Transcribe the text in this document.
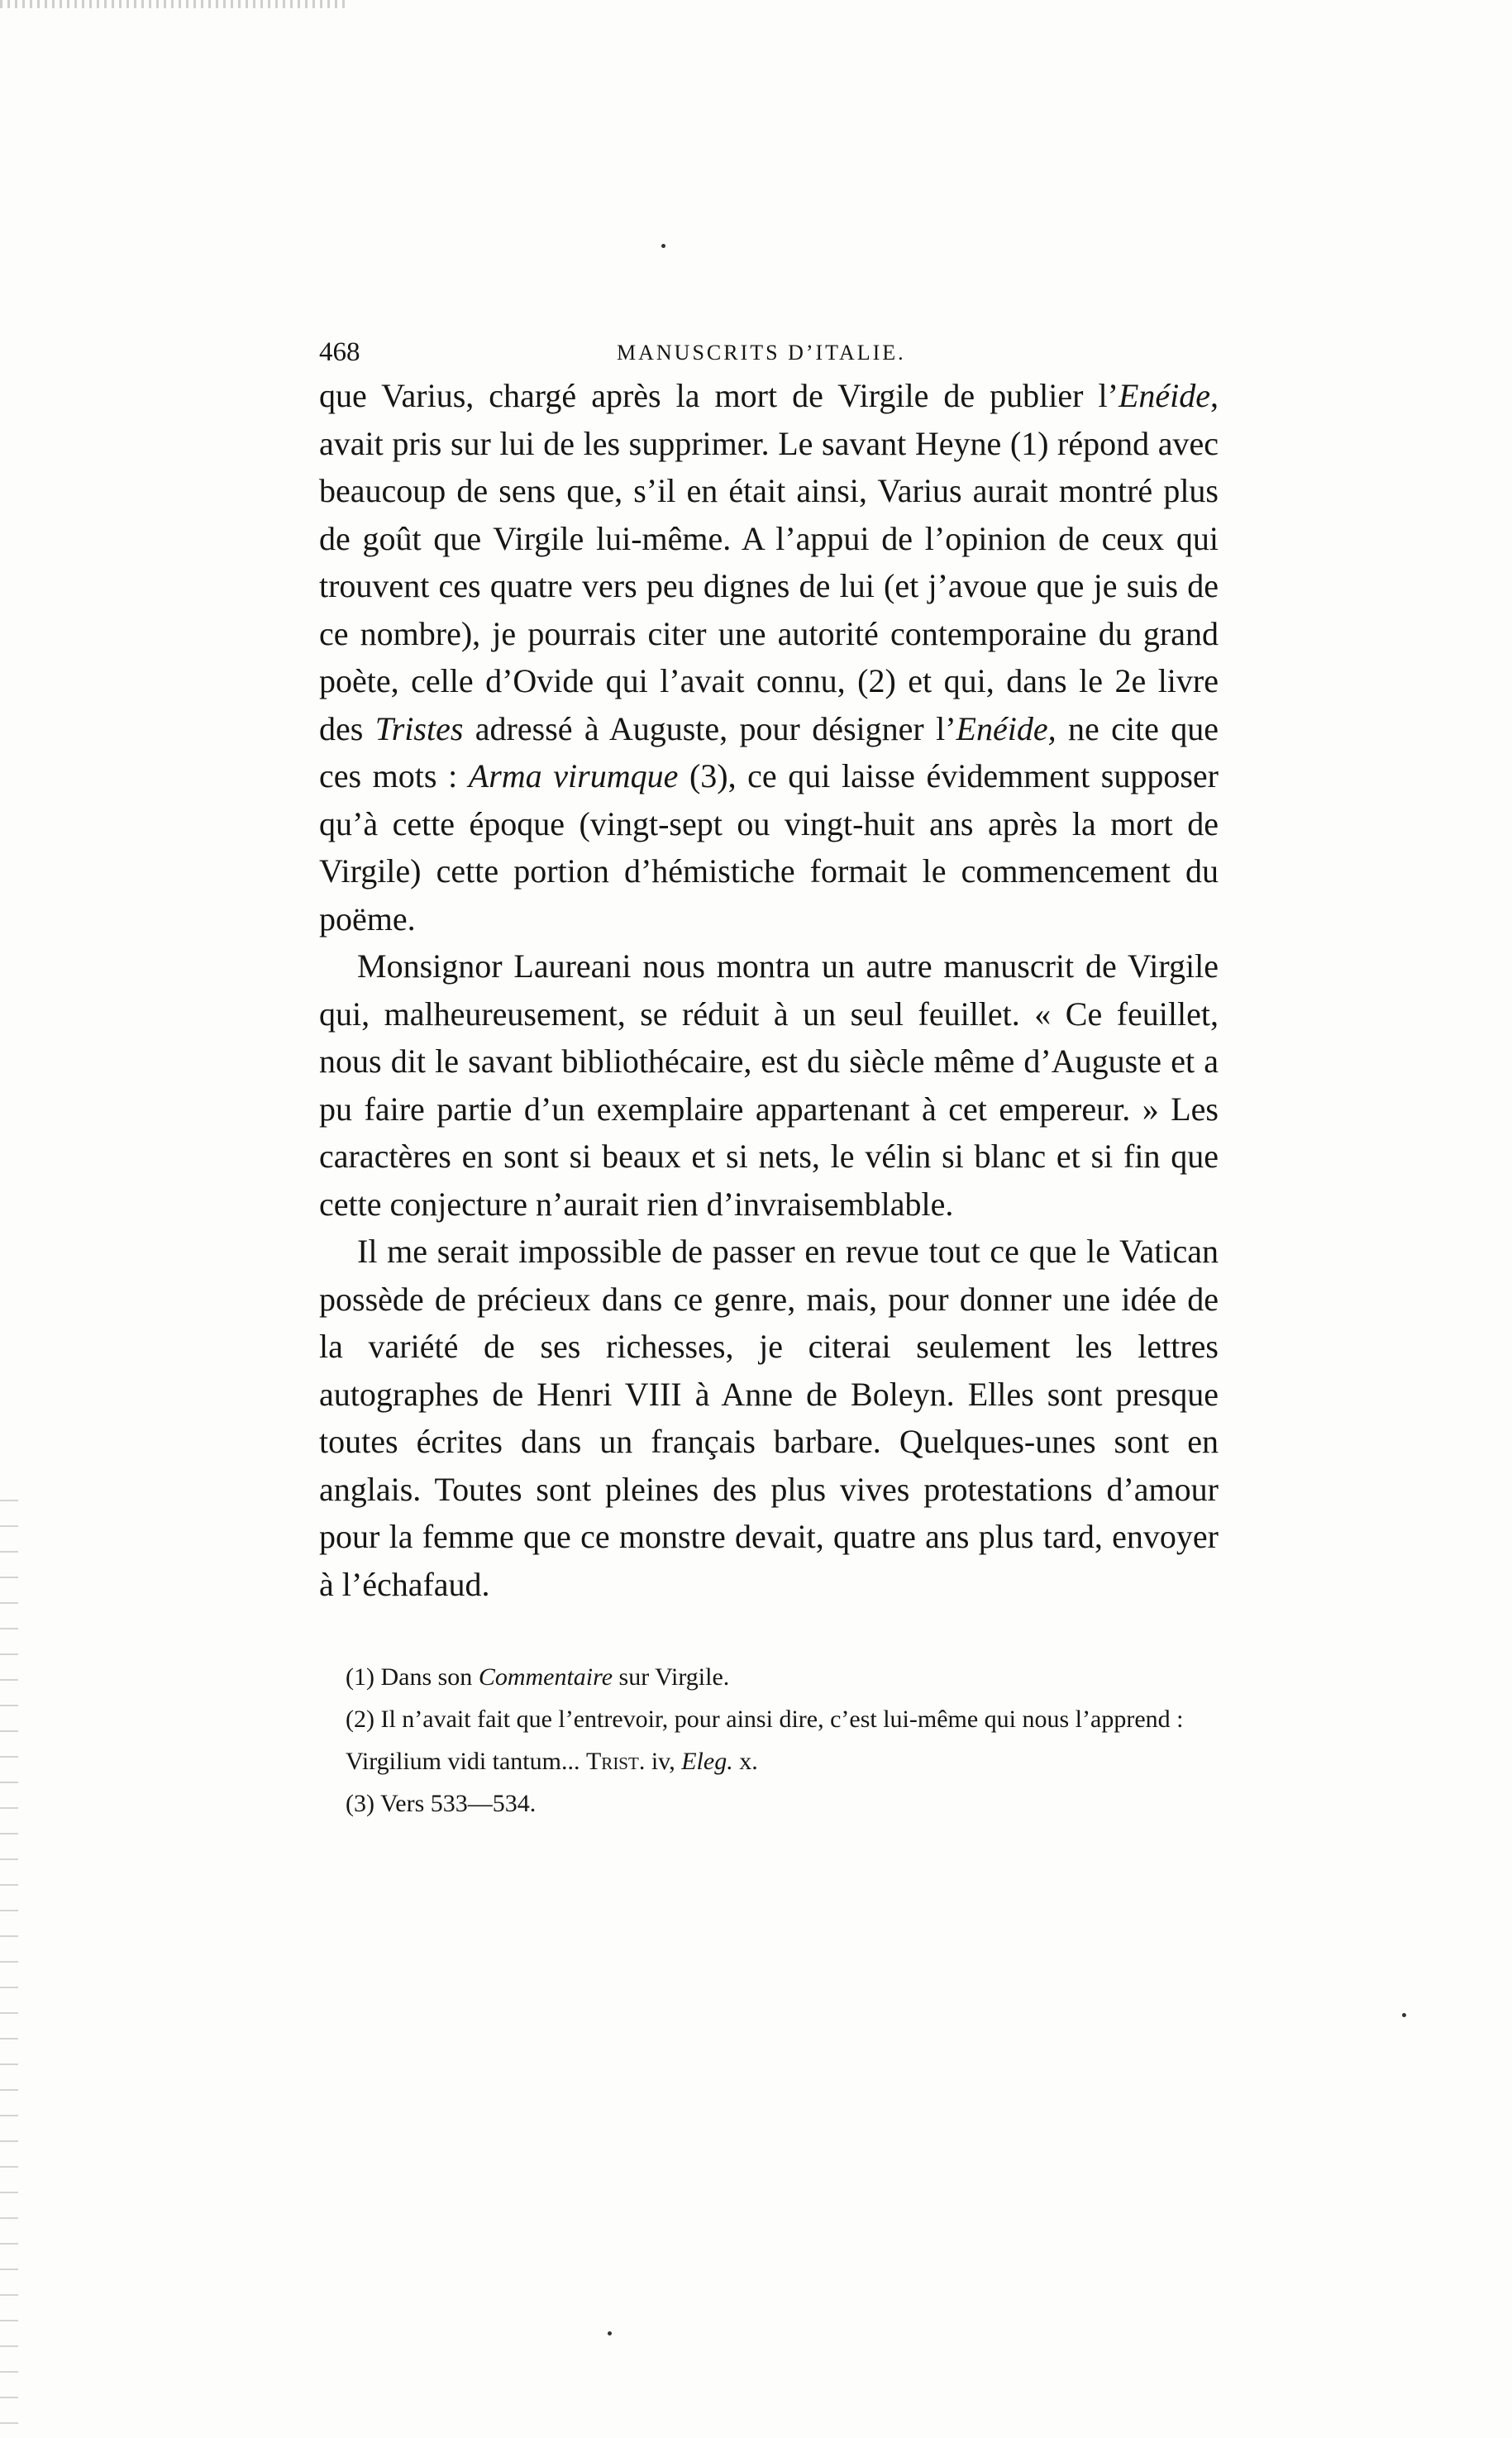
468	MANUSCRITS D’ITALIE.

que Varius, chargé après la mort de Virgile de publier l’Enéide, avait pris sur lui de les supprimer. Le savant Heyne (1) répond avec beaucoup de sens que, s’il en était ainsi, Varius aurait montré plus de goût que Virgile lui-même. A l’appui de l’opinion de ceux qui trouvent ces quatre vers peu dignes de lui (et j’avoue que je suis de ce nombre), je pourrais citer une autorité contemporaine du grand poète, celle d’Ovide qui l’avait connu, (2) et qui, dans le 2e livre des Tristes adressé à Auguste, pour désigner l’Enéide, ne cite que ces mots : Arma virumque (3), ce qui laisse évidemment supposer qu’à cette époque (vingt-sept ou vingt-huit ans après la mort de Virgile) cette portion d’hémistiche formait le commencement du poëme.

Monsignor Laureani nous montra un autre manuscrit de Virgile qui, malheureusement, se réduit à un seul feuillet. « Ce feuillet, nous dit le savant bibliothécaire, est du siècle même d’Auguste et a pu faire partie d’un exemplaire appartenant à cet empereur. » Les caractères en sont si beaux et si nets, le vélin si blanc et si fin que cette conjecture n’aurait rien d’invraisemblable.

Il me serait impossible de passer en revue tout ce que le Vatican possède de précieux dans ce genre, mais, pour donner une idée de la variété de ses richesses, je citerai seulement les lettres autographes de Henri VIII à Anne de Boleyn. Elles sont presque toutes écrites dans un français barbare. Quelques-unes sont en anglais. Toutes sont pleines des plus vives protestations d’amour pour la femme que ce monstre devait, quatre ans plus tard, envoyer à l’échafaud.

(1) Dans son Commentaire sur Virgile.

(2) Il n’avait fait que l’entrevoir, pour ainsi dire, c’est lui-même qui nous l’apprend :

Virgilium vidi tantum... Trist. iv, Eleg. x.

(3) Vers 533—534.
